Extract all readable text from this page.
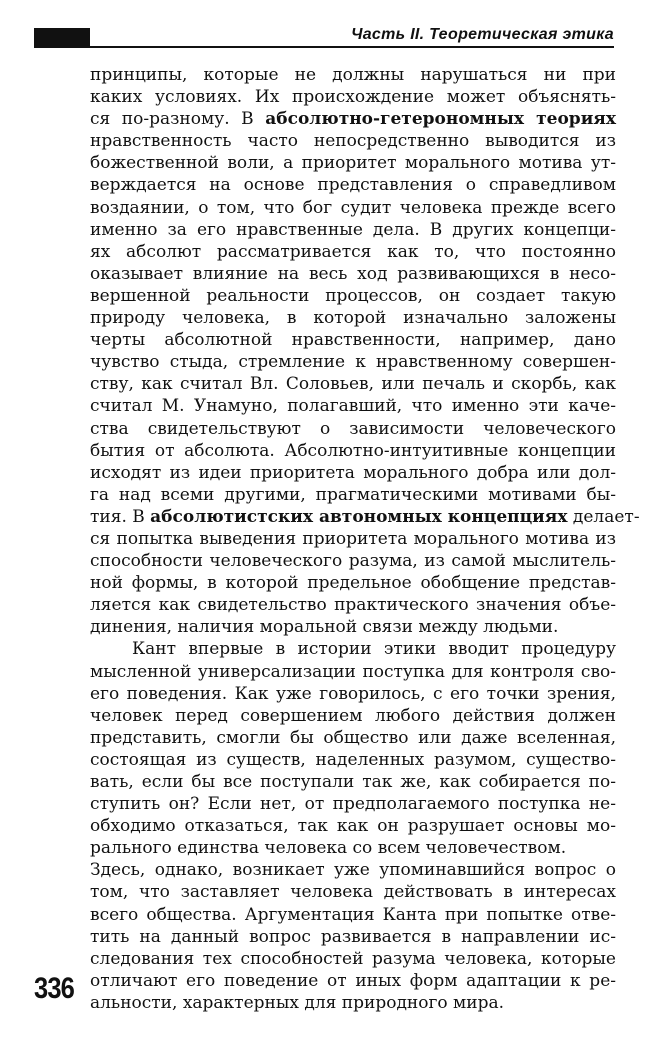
Часть II. Теоретическая этика
принципы, которые не должны нарушаться ни при
каких условиях. Их происхождение может объяснять-
ся по-разному. В абсолютно-гетерономных теориях
нравственность часто непосредственно выводится из
божественной воли, а приоритет морального мотива ут-
верждается на основе представления о справедливом
воздаянии, о том, что бог судит человека прежде всего
именно за его нравственные дела. В других концепци-
ях абсолют рассматривается как то, что постоянно
оказывает влияние на весь ход развивающихся в несо-
вершенной реальности процессов, он создает такую
природу человека, в которой изначально заложены
черты абсолютной нравственности, например, дано
чувство стыда, стремление к нравственному совершен-
ству, как считал Вл. Соловьев, или печаль и скорбь, как
считал М. Унамуно, полагавший, что именно эти каче-
ства свидетельствуют о зависимости человеческого
бытия от абсолюта. Абсолютно-интуитивные концепции
исходят из идеи приоритета морального добра или дол-
га над всеми другими, прагматическими мотивами бы-
тия. В абсолютистских автономных концепциях делает-
ся попытка выведения приоритета морального мотива из
способности человеческого разума, из самой мыслитель-
ной формы, в которой предельное обобщение представ-
ляется как свидетельство практического значения объе-
динения, наличия моральной связи между людьми.
Кант впервые в истории этики вводит процедуру
мысленной универсализации поступка для контроля сво-
его поведения. Как уже говорилось, с его точки зрения,
человек перед совершением любого действия должен
представить, смогли бы общество или даже вселенная,
состоящая из существ, наделенных разумом, существо-
вать, если бы все поступали так же, как собирается по-
ступить он? Если нет, от предполагаемого поступка не-
обходимо отказаться, так как он разрушает основы мо-
рального единства человека со всем человечеством.
Здесь, однако, возникает уже упоминавшийся вопрос о
том, что заставляет человека действовать в интересах
всего общества. Аргументация Канта при попытке отве-
тить на данный вопрос развивается в направлении ис-
следования тех способностей разума человека, которые
отличают его поведение от иных форм адаптации к ре-
альности, характерных для природного мира.
336
